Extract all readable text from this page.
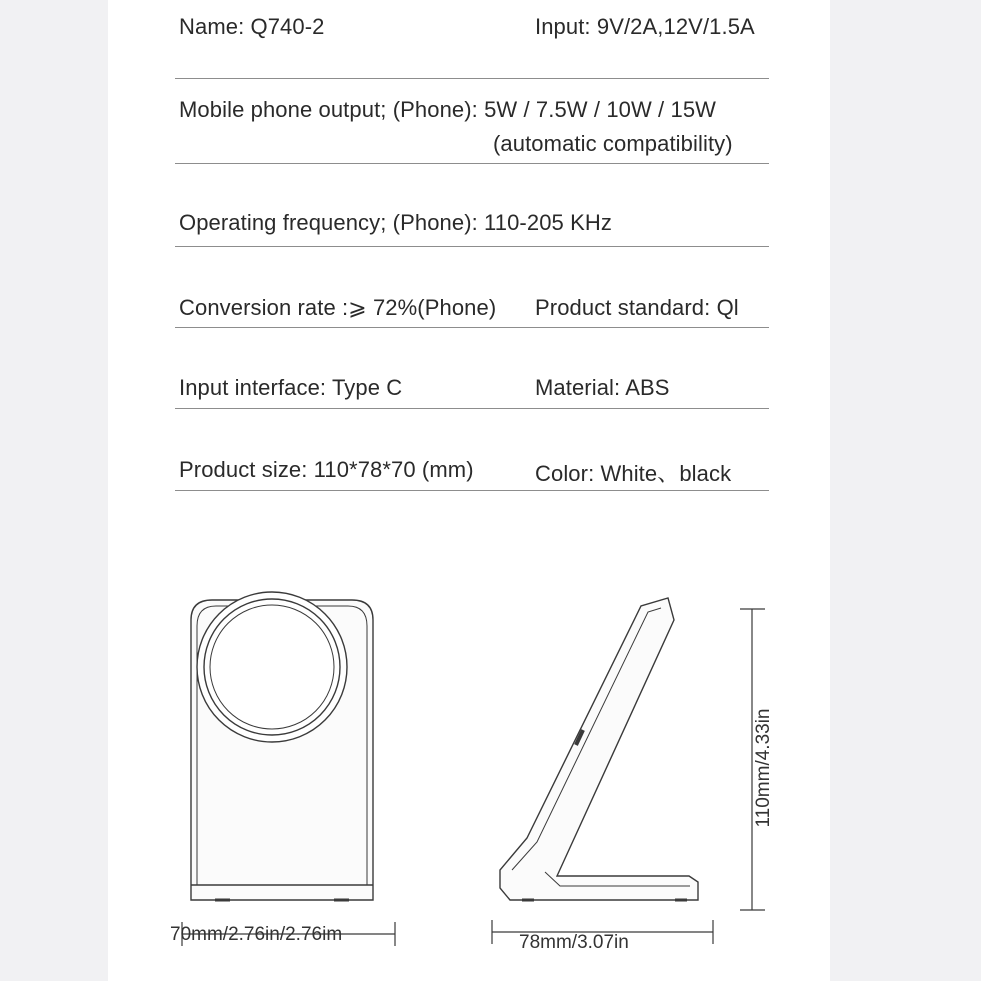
Name: Q740-2	Input: 9V/2A,12V/1.5A
Mobile phone output; (Phone): 5W / 7.5W / 10W / 15W
(automatic compatibility)
Operating frequency; (Phone): 110-205 KHz
Conversion rate :⩾ 72%(Phone) Product standard: Ql
Input interface: Type C	Material: ABS
Product size: 110*78*70 (mm)	Color: White、black
70mm/2.76in/2.76im	78mm/3.07in
110mm/4.33in
